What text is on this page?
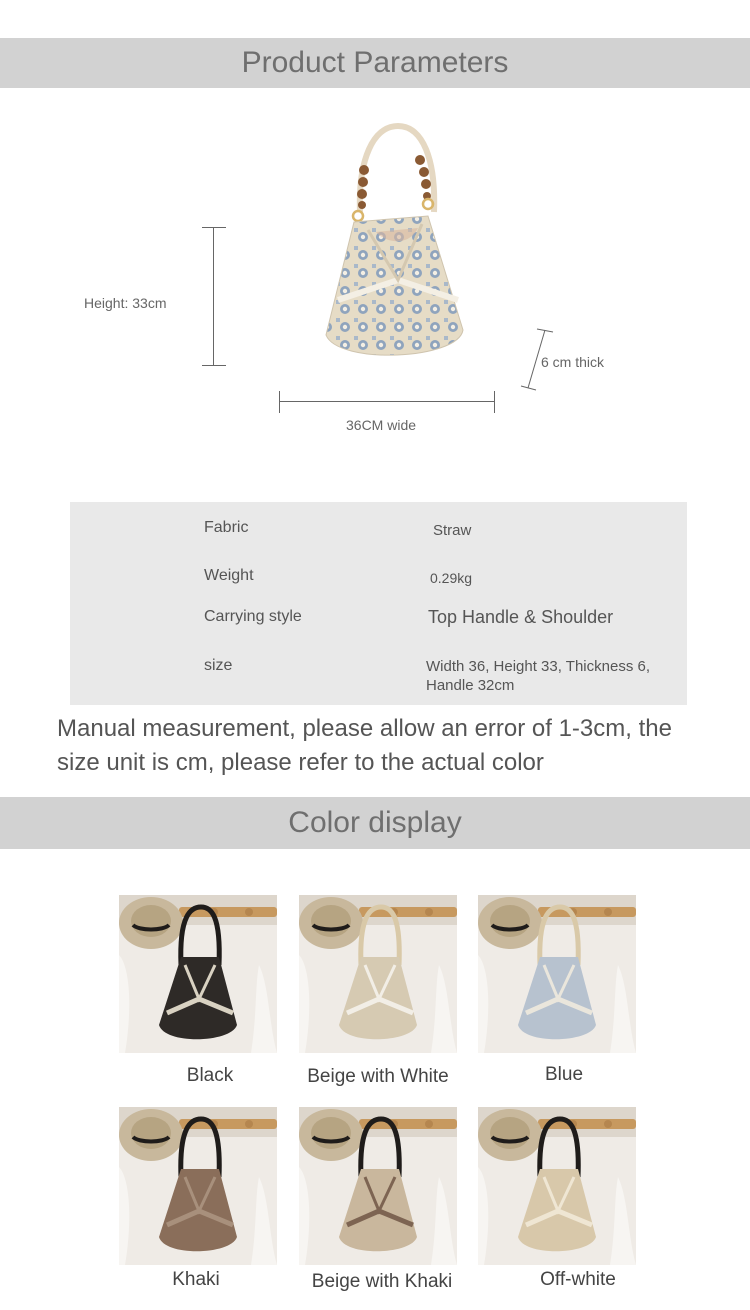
Product Parameters
Height: 33cm
36CM wide
6 cm thick
Fabric	Straw
Weight	0.29kg
Carrying style	Top Handle & Shoulder
size	Width 36, Height 33, Thickness 6, Handle 32cm
Manual measurement, please allow an error of 1-3cm, the size unit is cm, please refer to the actual color
Color display
Black	Beige with White	Blue
Khaki	Beige with Khaki	Off-white
